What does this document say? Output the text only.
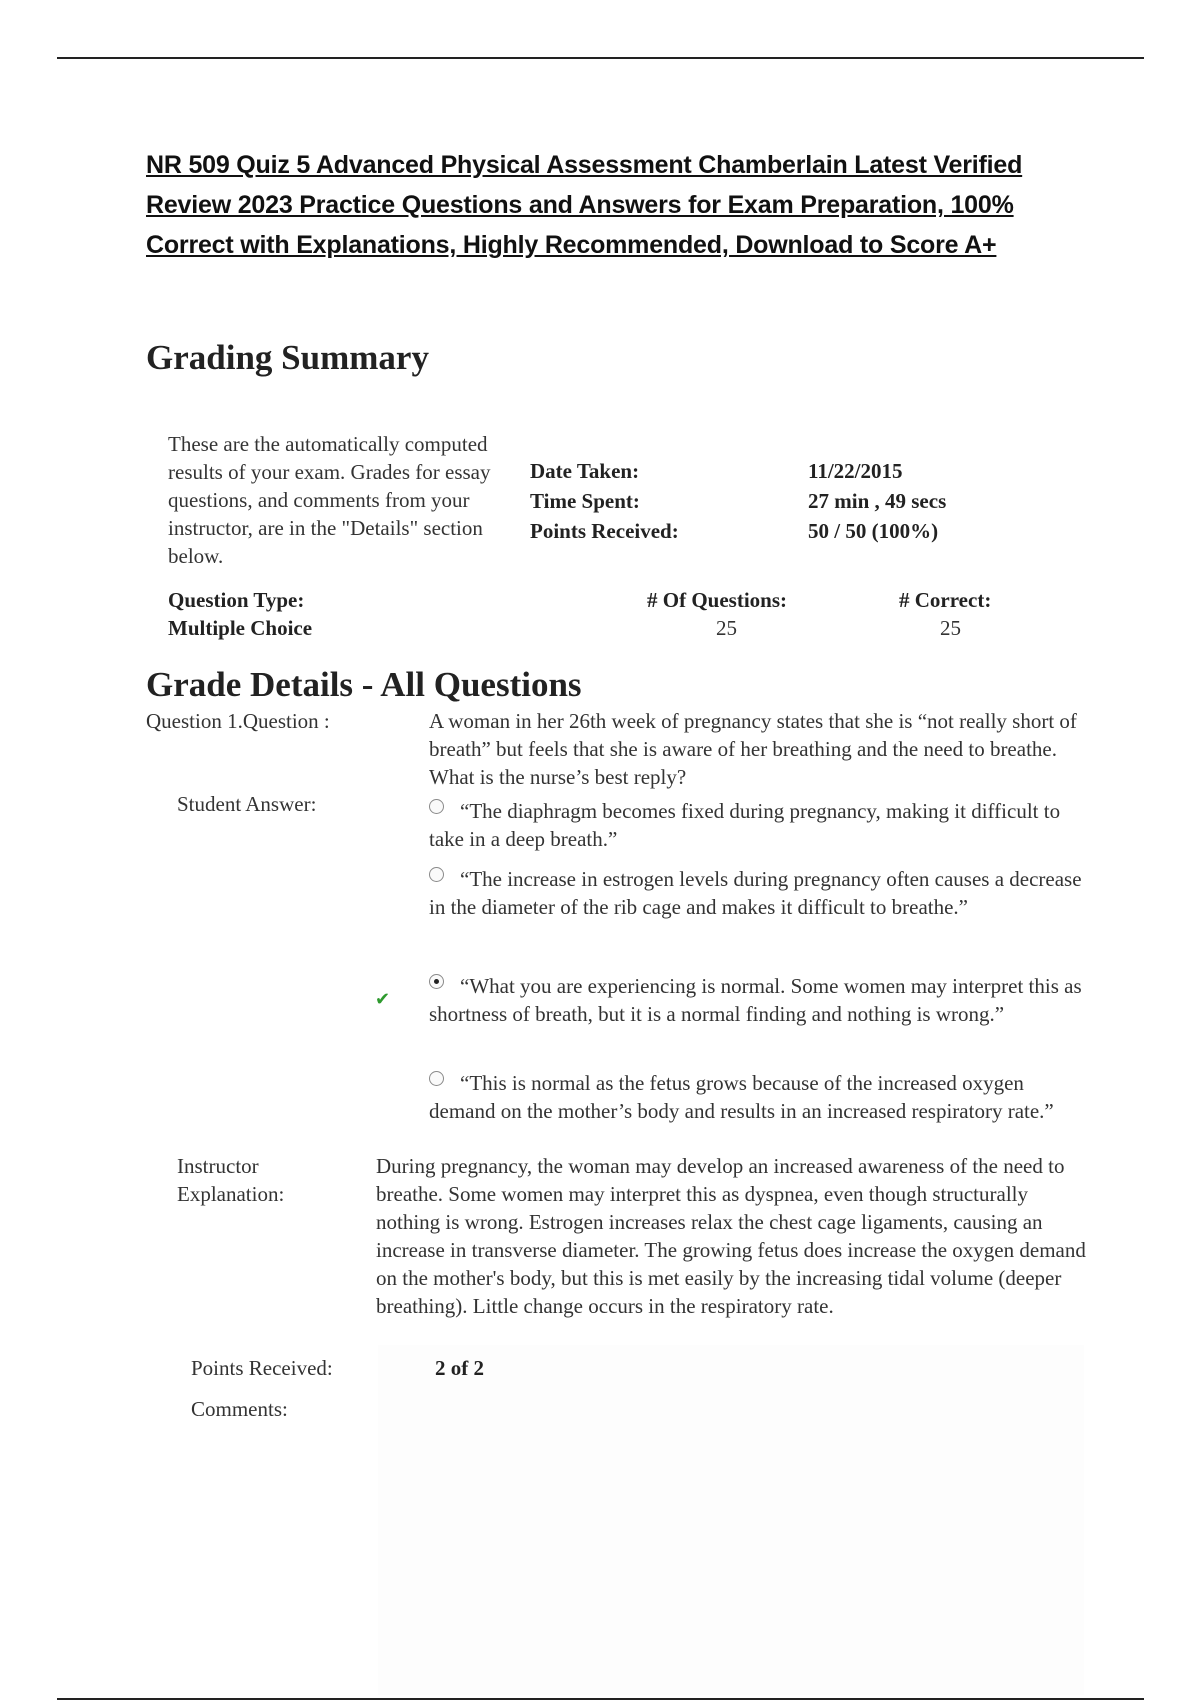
NR 509 Quiz 5 Advanced Physical Assessment Chamberlain Latest Verified Review 2023 Practice Questions and Answers for Exam Preparation, 100% Correct with Explanations, Highly Recommended, Download to Score A+
Grading Summary

These are the automatically computed results of your exam. Grades for essay questions, and comments from your instructor, are in the "Details" section below.

Date Taken:	11/22/2015
Time Spent:	27 min , 49 secs
Points Received:	50 / 50 (100%)
Question Type:	# Of Questions:	# Correct:
Multiple Choice	25	25
Grade Details - All Questions
Question 1.Question :	A woman in her 26th week of pregnancy states that she is “not really short of breath” but feels that she is aware of her breathing and the need to breathe. What is the nurse’s best reply?

Student Answer:	“The diaphragm becomes fixed during pregnancy, making it difficult to take in a deep breath.”
“The increase in estrogen levels during pregnancy often causes a decrease in the diameter of the rib cage and makes it difficult to breathe.”
✔
“What you are experiencing is normal. Some women may interpret this as shortness of breath, but it is a normal finding and nothing is wrong.”
“This is normal as the fetus grows because of the increased oxygen demand on the mother’s body and results in an increased respiratory rate.”
Instructor
Explanation:

During pregnancy, the woman may develop an increased awareness of the need to breathe. Some women may interpret this as dyspnea, even though structurally nothing is wrong. Estrogen increases relax the chest cage ligaments, causing an increase in transverse diameter. The growing fetus does increase the oxygen demand on the mother's body, but this is met easily by the increasing tidal volume (deeper breathing). Little change occurs in the respiratory rate.

Points Received:	2 of 2
Comments:
